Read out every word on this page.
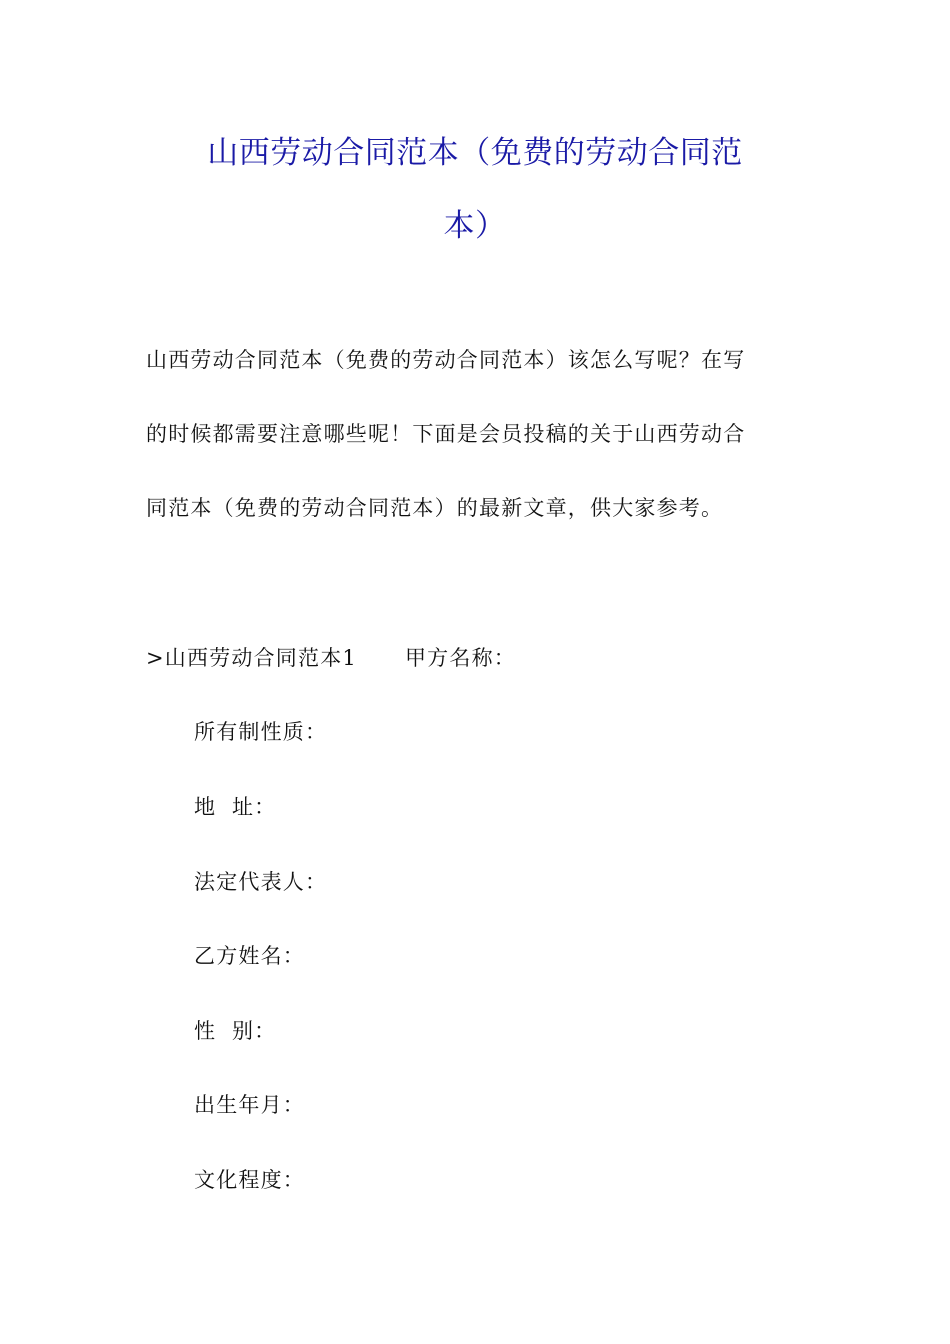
山西劳动合同范本（免费的劳动合同范
本）
山西劳动合同范本（免费的劳动合同范本）该怎么写呢？在写
的时候都需要注意哪些呢！下面是会员投稿的关于山西劳动合
同范本（免费的劳动合同范本）的最新文章，供大家参考。
>山西劳动合同范本1 甲方名称：
所有制性质：
地  址：
法定代表人：
乙方姓名：
性  别：
出生年月：
文化程度：
